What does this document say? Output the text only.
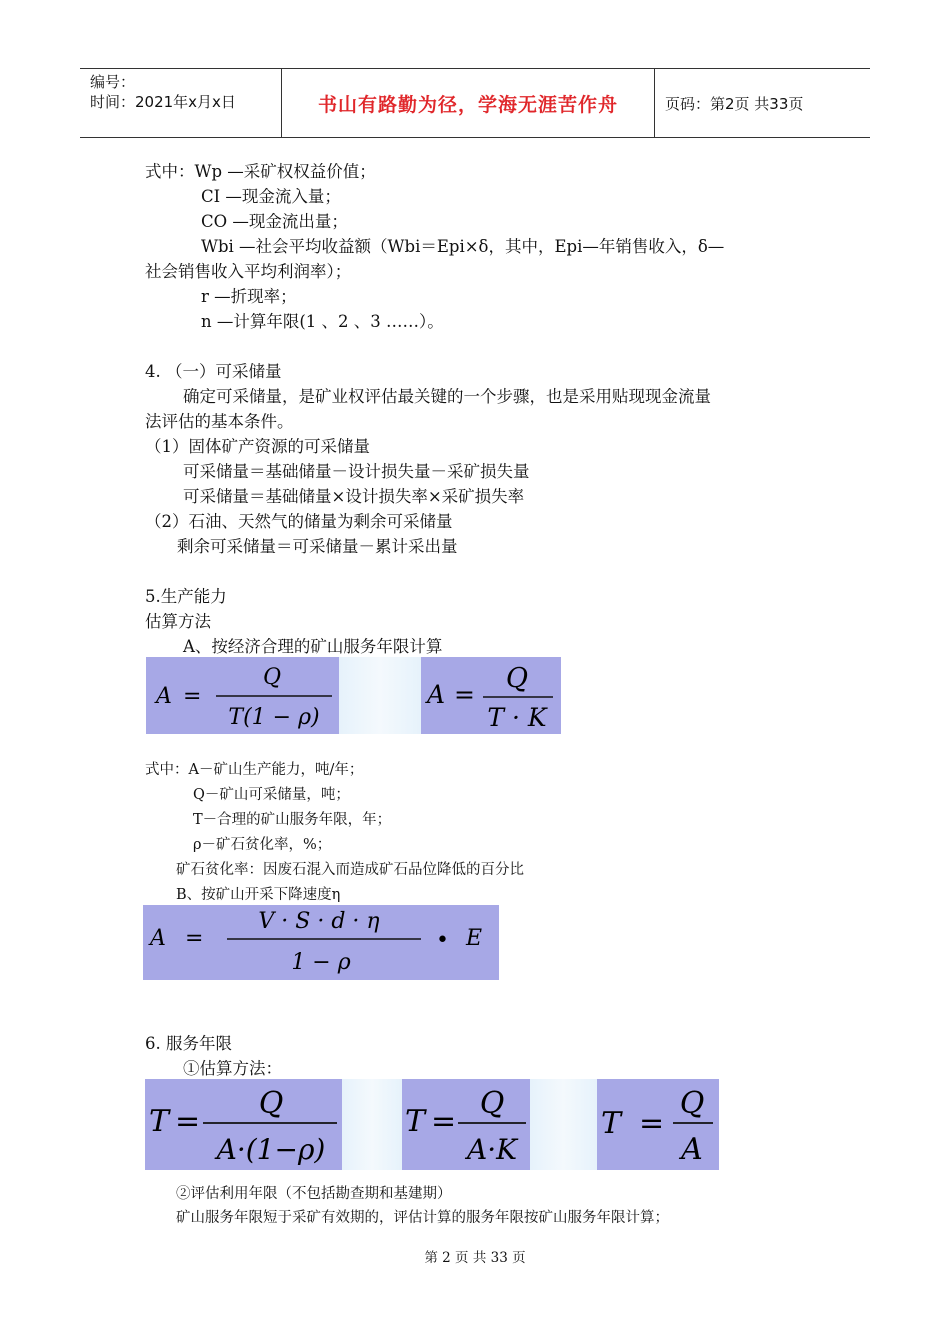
编号：
时间：2021年x月x日	书山有路勤为径，学海无涯苦作舟	页码：第2页 共33页
式中：Wp —采矿权权益价值；
CI —现金流入量；
CO —现金流出量；
Wbi —社会平均收益额（Wbi＝Epi×δ，其中，Epi—年销售收入，δ—
社会销售收入平均利润率）；
r —折现率；
n —计算年限(1 、2 、3 ……）。
4. （一）可采储量
确定可采储量，是矿业权评估最关键的一个步骤，也是采用贴现现金流量
法评估的基本条件。
（1）固体矿产资源的可采储量
可采储量＝基础储量－设计损失量－采矿损失量
可采储量＝基础储量×设计损失率×采矿损失率
（2）石油、天然气的储量为剩余可采储量
剩余可采储量＝可采储量－累计采出量
5.生产能力
估算方法
A、按经济合理的矿山服务年限计算
A =
Q
T(1 − ρ)
A =
Q
T · K
式中：A－矿山生产能力，吨/年；
Q－矿山可采储量，吨；
T－合理的矿山服务年限，年；
ρ－矿石贫化率，%；
矿石贫化率：因废石混入而造成矿石品位降低的百分比
B、按矿山开采下降速度η
A =
V · S · d · η
1 − ρ
• E
6. 服务年限
①估算方法：
T =
Q
A·(1−ρ)
T =
Q
A·K
T =
Q
A
②评估利用年限（不包括勘查期和基建期）
矿山服务年限短于采矿有效期的，评估计算的服务年限按矿山服务年限计算；
第 2 页 共 33 页
